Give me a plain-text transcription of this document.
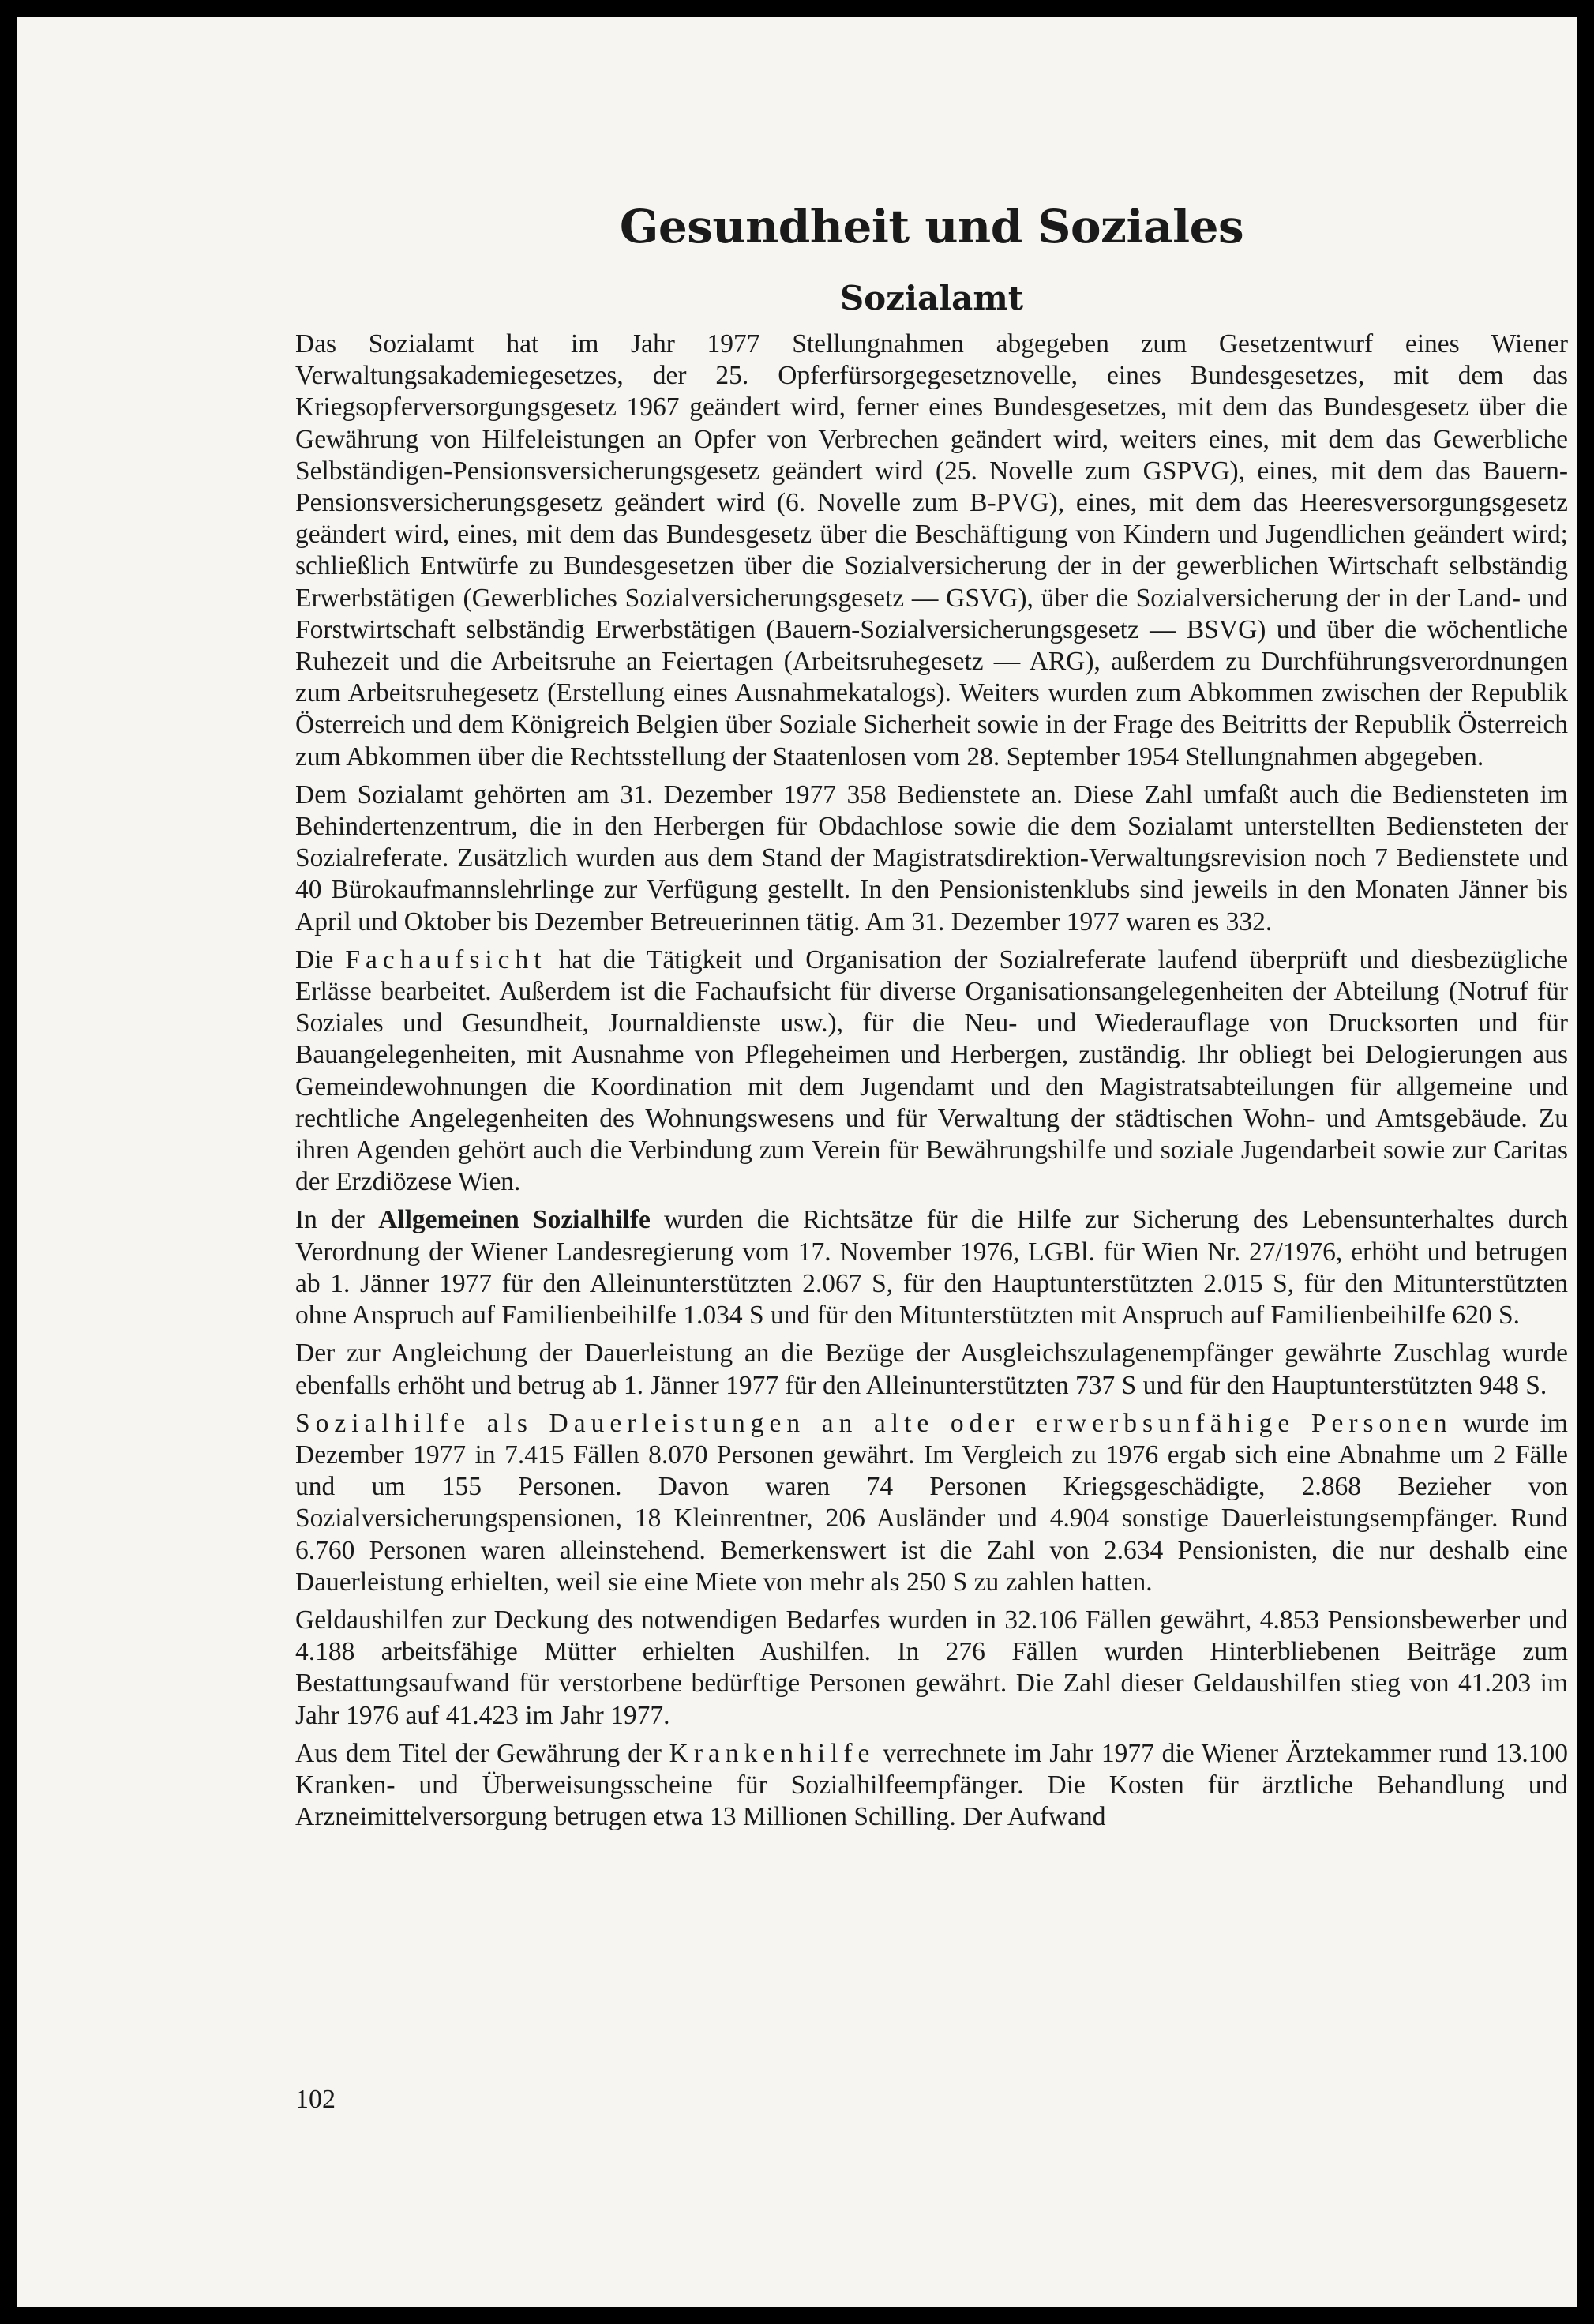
Gesundheit und Soziales
Sozialamt

Das Sozialamt hat im Jahr 1977 Stellungnahmen abgegeben zum Gesetzentwurf eines Wiener Verwaltungsakademiegesetzes, der 25. Opferfürsorgegesetznovelle, eines Bundesgesetzes, mit dem das Kriegsopferversorgungsgesetz 1967 geändert wird, ferner eines Bundesgesetzes, mit dem das Bundesgesetz über die Gewährung von Hilfeleistungen an Opfer von Verbrechen geändert wird, weiters eines, mit dem das Gewerbliche Selbständigen-Pensionsversicherungsgesetz geändert wird (25. Novelle zum GSPVG), eines, mit dem das Bauern-Pensionsversicherungsgesetz geändert wird (6. Novelle zum B-PVG), eines, mit dem das Heeresversorgungsgesetz geändert wird, eines, mit dem das Bundesgesetz über die Beschäftigung von Kindern und Jugendlichen geändert wird; schließlich Entwürfe zu Bundesgesetzen über die Sozialversicherung der in der gewerblichen Wirtschaft selbständig Erwerbstätigen (Gewerbliches Sozialversicherungsgesetz — GSVG), über die Sozialversicherung der in der Land- und Forstwirtschaft selbständig Erwerbstätigen (Bauern-Sozialversicherungsgesetz — BSVG) und über die wöchentliche Ruhezeit und die Arbeitsruhe an Feiertagen (Arbeitsruhegesetz — ARG), außerdem zu Durchführungsverordnungen zum Arbeitsruhegesetz (Erstellung eines Ausnahmekatalogs). Weiters wurden zum Abkommen zwischen der Republik Österreich und dem Königreich Belgien über Soziale Sicherheit sowie in der Frage des Beitritts der Republik Österreich zum Abkommen über die Rechtsstellung der Staatenlosen vom 28. September 1954 Stellungnahmen abgegeben.

Dem Sozialamt gehörten am 31. Dezember 1977 358 Bedienstete an. Diese Zahl umfaßt auch die Bediensteten im Behindertenzentrum, die in den Herbergen für Obdachlose sowie die dem Sozialamt unterstellten Bediensteten der Sozialreferate. Zusätzlich wurden aus dem Stand der Magistratsdirektion-Verwaltungsrevision noch 7 Bedienstete und 40 Bürokaufmannslehrlinge zur Verfügung gestellt. In den Pensionistenklubs sind jeweils in den Monaten Jänner bis April und Oktober bis Dezember Betreuerinnen tätig. Am 31. Dezember 1977 waren es 332.

Die Fachaufsicht hat die Tätigkeit und Organisation der Sozialreferate laufend überprüft und diesbezügliche Erlässe bearbeitet. Außerdem ist die Fachaufsicht für diverse Organisationsangelegenheiten der Abteilung (Notruf für Soziales und Gesundheit, Journaldienste usw.), für die Neu- und Wiederauflage von Drucksorten und für Bauangelegenheiten, mit Ausnahme von Pflegeheimen und Herbergen, zuständig. Ihr obliegt bei Delogierungen aus Gemeindewohnungen die Koordination mit dem Jugendamt und den Magistratsabteilungen für allgemeine und rechtliche Angelegenheiten des Wohnungswesens und für Verwaltung der städtischen Wohn- und Amtsgebäude. Zu ihren Agenden gehört auch die Verbindung zum Verein für Bewährungshilfe und soziale Jugendarbeit sowie zur Caritas der Erzdiözese Wien.

In der Allgemeinen Sozialhilfe wurden die Richtsätze für die Hilfe zur Sicherung des Lebensunterhaltes durch Verordnung der Wiener Landesregierung vom 17. November 1976, LGBl. für Wien Nr. 27/1976, erhöht und betrugen ab 1. Jänner 1977 für den Alleinunterstützten 2.067 S, für den Hauptunterstützten 2.015 S, für den Mitunterstützten ohne Anspruch auf Familienbeihilfe 1.034 S und für den Mitunterstützten mit Anspruch auf Familienbeihilfe 620 S.

Der zur Angleichung der Dauerleistung an die Bezüge der Ausgleichszulagenempfänger gewährte Zuschlag wurde ebenfalls erhöht und betrug ab 1. Jänner 1977 für den Alleinunterstützten 737 S und für den Hauptunterstützten 948 S.

Sozialhilfe als Dauerleistungen an alte oder erwerbsunfähige Personen wurde im Dezember 1977 in 7.415 Fällen 8.070 Personen gewährt. Im Vergleich zu 1976 ergab sich eine Abnahme um 2 Fälle und um 155 Personen. Davon waren 74 Personen Kriegsgeschädigte, 2.868 Bezieher von Sozialversicherungspensionen, 18 Kleinrentner, 206 Ausländer und 4.904 sonstige Dauerleistungsempfänger. Rund 6.760 Personen waren alleinstehend. Bemerkenswert ist die Zahl von 2.634 Pensionisten, die nur deshalb eine Dauerleistung erhielten, weil sie eine Miete von mehr als 250 S zu zahlen hatten.

Geldaushilfen zur Deckung des notwendigen Bedarfes wurden in 32.106 Fällen gewährt, 4.853 Pensionsbewerber und 4.188 arbeitsfähige Mütter erhielten Aushilfen. In 276 Fällen wurden Hinterbliebenen Beiträge zum Bestattungsaufwand für verstorbene bedürftige Personen gewährt. Die Zahl dieser Geldaushilfen stieg von 41.203 im Jahr 1976 auf 41.423 im Jahr 1977.

Aus dem Titel der Gewährung der Krankenhilfe verrechnete im Jahr 1977 die Wiener Ärztekammer rund 13.100 Kranken- und Überweisungsscheine für Sozialhilfeempfänger. Die Kosten für ärztliche Behandlung und Arzneimittelversorgung betrugen etwa 13 Millionen Schilling. Der Aufwand

102
